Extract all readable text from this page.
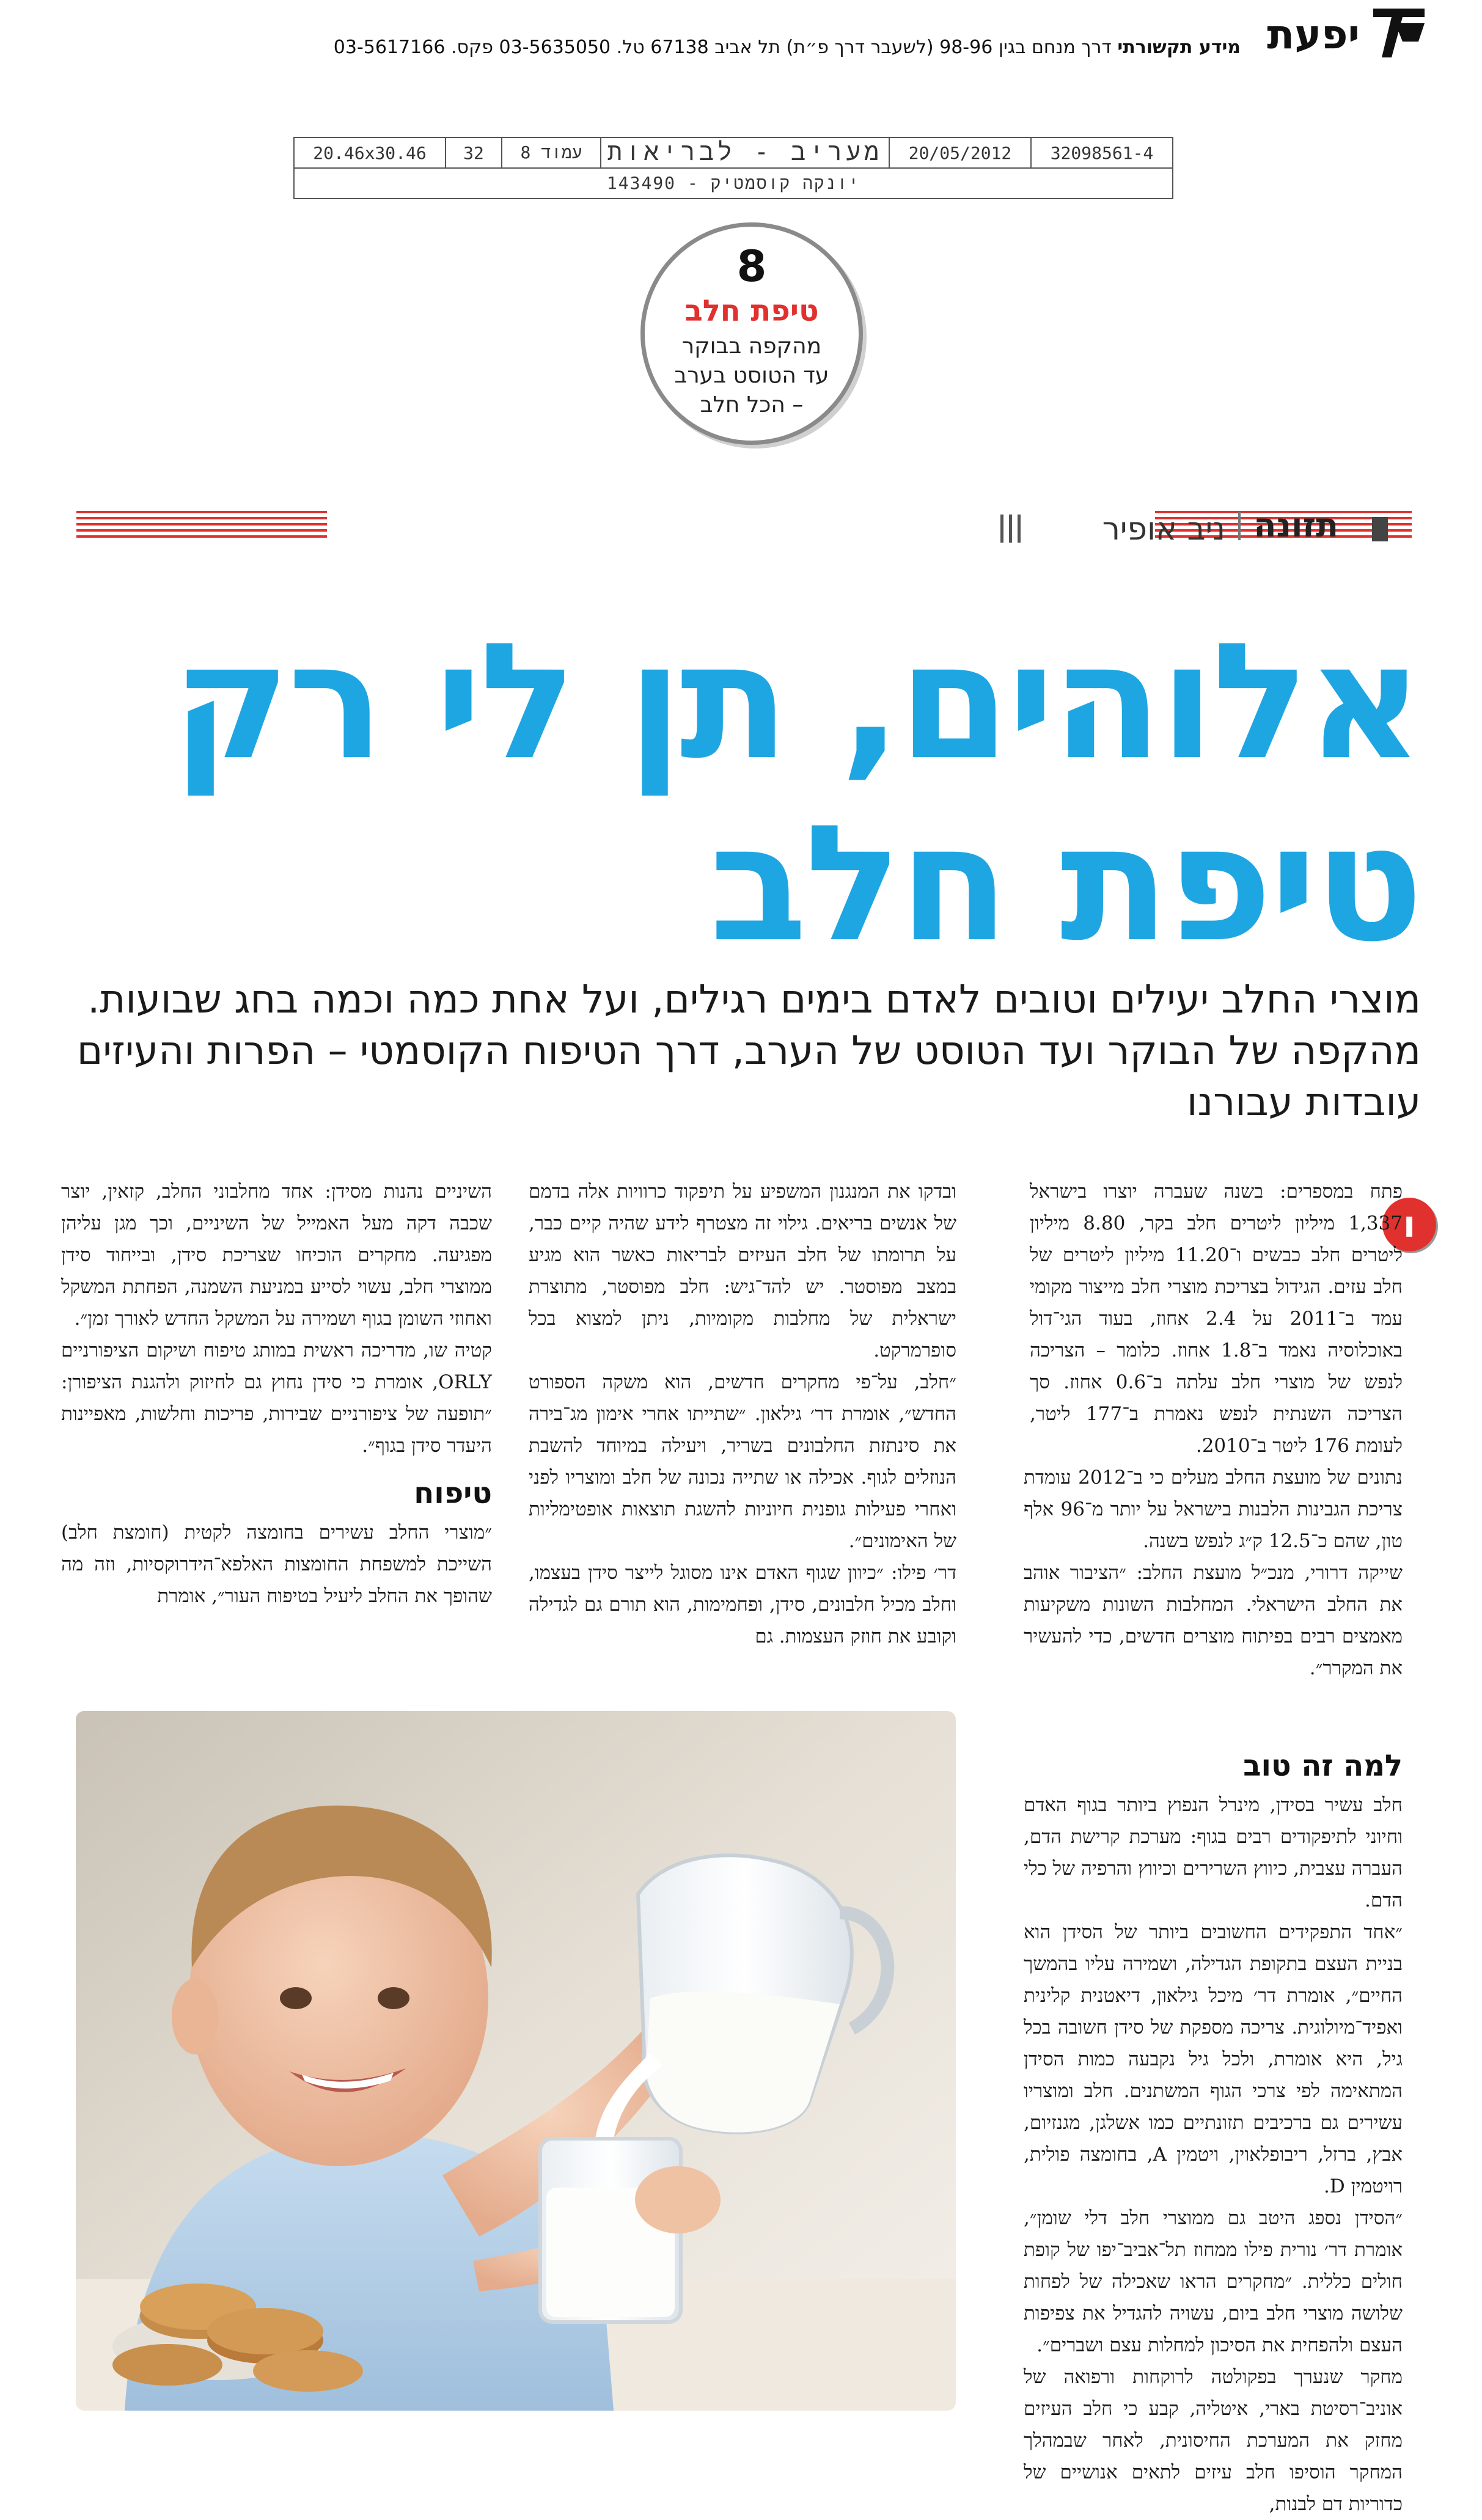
יפעת
מידע תקשורתי דרך מנחם בגין 98-96 (לשעבר דרך פ״ת) תל אביב 67138 טל. 03-5635050 פקס. 03-5617166
32098561-4
20/05/2012
מעריב - לבריאות
עמוד 8
32
20.46x30.46
יונקה קוסמטיק - 143490
8
טיפת חלב
מהקפה בבוקר עד הטוסט בערב – הכל חלב
תזונה
ניב אופיר
אלוהים, תן לי רק טיפת חלב
מוצרי החלב יעילים וטובים לאדם בימים רגילים, ועל אחת כמה וכמה בחג שבועות. מהקפה של הבוקר ועד הטוסט של הערב, דרך הטיפוח הקוסמטי – הפרות והעיזים עובדות עבורנו
ו

פתח במספרים: בשנה שעברה יוצרו בישראל 1,337 מיליון ליטרים חלב בקר, 8.80 מיליון ליטרים חלב כבשים ו־11.20 מיליון ליטרים של חלב עזים. הגידול בצריכת מוצרי חלב מייצור מקומי עמד ב־2011 על 2.4 אחוז, בעוד הגי־דול באוכלוסיה נאמד ב־1.8 אחוז. כלומר – הצריכה לנפש של מוצרי חלב עלתה ב־0.6 אחוז. סך הצריכה השנתית לנפש נאמרת ב־177 ליטר, לעומת 176 ליטר ב־2010.

נתונים של מועצת החלב מעלים כי ב־2012 עומדת צריכת הגבינות הלבנות בישראל על יותר מ־96 אלף טון, שהם כ־12.5 ק״ג לנפש בשנה.

שייקה דרורי, מנכ״ל מועצת החלב: ״הציבור אוהב את החלב הישראלי. המחלבות השונות משקיעות מאמצים רבים בפיתוח מוצרים חדשים, כדי להעשיר את המקרר״.

ובדקו את המנגנון המשפיע על תיפקוד כרוויות אלה בדמם של אנשים בריאים. גילוי זה מצטרף לידע שהיה קיים כבר, על תרומתו של חלב העיזים לבריאות כאשר הוא מגיע במצב מפוסטר. יש להד־גיש: חלב מפוסטר, מתוצרת ישראלית של מחלבות מקומיות, ניתן למצוא בכל סופרמרקט.

״חלב, על־פי מחקרים חדשים, הוא משקה הספורט החדש״, אומרת דר׳ גילאון. ״שתייתו אחרי אימון מג־בירה את סינתזת החלבונים בשריר, ויעילה במיוחד להשבת הנוזלים לגוף. אכילה או שתייה נכונה של חלב ומוצריו לפני ואחרי פעילות גופנית חיוניות להשגת תוצאות אופטימליות של האימונים״.

דר׳ פילו: ״כיוון שגוף האדם אינו מסוגל לייצר סידן בעצמו, וחלב מכיל חלבונים, סידן, ופחמימות, הוא תורם גם לגדילה וקובע את חוזק העצמות. גם

השיניים נהנות מסידן: אחד מחלבוני החלב, קזאין, יוצר שכבה דקה מעל האמייל של השיניים, וכך מגן עליהן מפגיעה. מחקרים הוכיחו שצריכת סידן, ובייחוד סידן ממוצרי חלב, עשוי לסייע במניעת השמנה, הפחתת המשקל ואחוזי השומן בגוף ושמירה על המשקל החדש לאורך זמן״.

קטיה שו, מדריכה ראשית במותג טיפוח ושיקום הציפורניים ORLY, אומרת כי סידן נחוץ גם לחיזוק ולהגנת הציפורן: ״תופעה של ציפורניים שבירות, פריכות וחלשות, מאפיינות היעדר סידן בגוף״.

טיפוח

״מוצרי החלב עשירים בחומצה לקטית (חומצת חלב) השייכת למשפחת החומצות האלפא־הידרוקסיות, וזה מה שהופך את החלב ליעיל בטיפוח העור״, אומרת

למה זה טוב

חלב עשיר בסידן, מינרל הנפוץ ביותר בגוף האדם וחיוני לתיפקודים רבים בגוף: מערכת קרישת הדם, העברה עצבית, כיווץ השרירים וכיווץ והרפיה של כלי הדם.

״אחד התפקידים החשובים ביותר של הסידן הוא בניית העצם בתקופת הגדילה, ושמירה עליו בהמשך החיים״, אומרת דר׳ מיכל גילאון, דיאטנית קלינית ואפיד־מיולוגית. צריכה מספקת של סידן חשובה בכל גיל, היא אומרת, ולכל גיל נקבעה כמות הסידן המתאימה לפי צרכי הגוף המשתנים. חלב ומוצריו עשירים גם ברכיבים תזונתיים כמו אשלגן, מגנזיום, אבץ, ברזל, ריבופלאוין, ויטמין A, בחומצה פולית, רויטמין D.

״הסידן נספג היטב גם ממוצרי חלב דלי שומן״, אומרת דר׳ נורית פילו ממחוז תל־אביב־יפו של קופת חולים כללית. ״מחקרים הראו שאכילה של לפחות שלושה מוצרי חלב ביום, עשויה להגדיל את צפיפות העצם ולהפחית את הסיכון למחלות עצם ושברים״.

מחקר שנערך בפקולטה לרוקחות ורפואה של אוניב־רסיטת בארי, איטליה, קבע כי חלב העיזים מחזק את המערכת החיסונית, לאחר שבמהלך המחקר הוסיפו חלב עיזים לתאים אנושיים של כדוריות דם לבנות,
